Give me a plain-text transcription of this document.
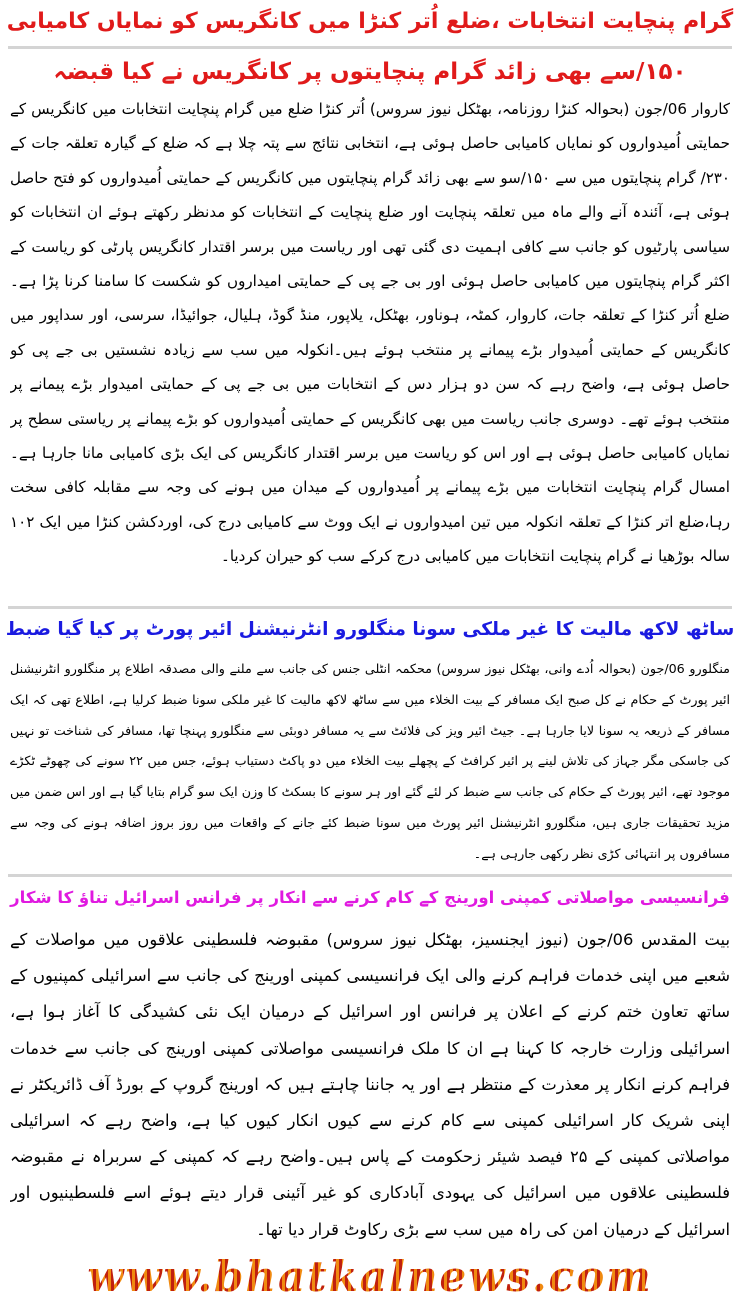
گرام پنچایت انتخابات ،ضلع اُتر کنڑا میں کانگریس کو نمایاں کامیابی
۱۵۰/سے بھی زائد گرام پنچایتوں پر کانگریس نے کیا قبضہ

کاروار 06/جون (بحوالہ کنڑا روزنامہ، بھٹکل نیوز سروس) اُتر کنڑا ضلع میں گرام پنچایت انتخابات میں کانگریس کے حمایتی اُمیدواروں کو نمایاں کامیابی حاصل ہوئی ہے، انتخابی نتائج سے پتہ چلا ہے کہ ضلع کے گیارہ تعلقہ جات کے ۲۳۰/ گرام پنچایتوں میں سے ۱۵۰/سو سے بھی زائد گرام پنچایتوں میں کانگریس کے حمایتی اُمیدواروں کو فتح حاصل ہوئی ہے، آئندہ آنے والے ماہ میں تعلقہ پنچایت اور ضلع پنچایت کے انتخابات کو مدنظر رکھتے ہوئے ان انتخابات کو سیاسی پارٹیوں کو جانب سے کافی اہمیت دی گئی تھی اور ریاست میں برسر اقتدار کانگریس پارٹی کو ریاست کے اکثر گرام پنچایتوں میں کامیابی حاصل ہوئی اور بی جے پی کے حمایتی امیداروں کو شکست کا سامنا کرنا پڑا ہے۔ضلع اُتر کنڑا کے تعلقہ جات، کاروار، کمٹہ، ہوناور، بھٹکل، یلاپور، منڈ گوڈ، ہلیال، جوائیڈا، سرسی، اور سداپور میں کانگریس کے حمایتی اُمیدوار بڑے پیمانے پر منتخب ہوئے ہیں۔انکولہ میں سب سے زیادہ نشستیں بی جے پی کو حاصل ہوئی ہے، واضح رہے کہ سن دو ہزار دس کے انتخابات میں بی جے پی کے حمایتی امیدوار بڑے پیمانے پر منتخب ہوئے تھے۔ دوسری جانب ریاست میں بھی کانگریس کے حمایتی اُمیدواروں کو بڑے پیمانے پر ریاستی سطح پر نمایاں کامیابی حاصل ہوئی ہے اور اس کو ریاست میں برسر اقتدار کانگریس کی ایک بڑی کامیابی مانا جارہا ہے۔امسال گرام پنچایت انتخابات میں بڑے پیمانے پر اُمیدواروں کے میدان میں ہونے کی وجہ سے مقابلہ کافی سخت رہا،ضلع اتر کنڑا کے تعلقہ انکولہ میں تین امیدواروں نے ایک ووٹ سے کامیابی درج کی، اوردکشن کنڑا میں ایک ۱۰۲ سالہ بوڑھیا نے گرام پنچایت انتخابات میں کامیابی درج کرکے سب کو حیران کردیا۔

ساٹھ لاکھ مالیت کا غیر ملکی سونا منگلورو انٹرنیشنل ائیر پورٹ پر کیا گیا ضبط

منگلورو 06/جون (بحوالہ اُدے وانی، بھٹکل نیوز سروس) محکمہ انٹلی جنس کی جانب سے ملنے والی مصدقہ اطلاع پر منگلورو انٹرنیشنل ائیر پورٹ کے حکام نے کل صبح ایک مسافر کے بیت الخلاء میں سے ساٹھ لاکھ مالیت کا غیر ملکی سونا ضبط کرلیا ہے، اطلاع تھی کہ ایک مسافر کے ذریعہ یہ سونا لایا جارہا ہے۔ جیٹ ائیر ویز کی فلائٹ سے یہ مسافر دوبئی سے منگلورو پہنچا تھا، مسافر کی شناخت تو نہیں کی جاسکی مگر جہاز کی تلاش لینے پر ائیر کرافٹ کے پچھلے بیت الخلاء میں دو پاکٹ دستیاب ہوئے، جس میں ۲۲ سونے کی چھوٹے ٹکڑے موجود تھے، ائیر پورٹ کے حکام کی جانب سے ضبط کر لئے گئے اور ہر سونے کا بسکٹ کا وزن ایک سو گرام بتایا گیا ہے اور اس ضمن میں مزید تحقیقات جاری ہیں، منگلورو انٹرنیشنل ائیر پورٹ میں سونا ضبط کئے جانے کے واقعات میں روز بروز اضافہ ہونے کی وجہ سے مسافروں پر انتہائی کڑی نظر رکھی جارہی ہے۔

فرانسیسی مواصلاتی کمپنی اورینج کے کام کرنے سے انکار پر فرانس اسرائیل تناؤ کا شکار

بیت المقدس 06/جون (نیوز ایجنسیز، بھٹکل نیوز سروس) مقبوضہ فلسطینی علاقوں میں مواصلات کے شعبے میں اپنی خدمات فراہم کرنے والی ایک فرانسیسی کمپنی اورینج کی جانب سے اسرائیلی کمپنیوں کے ساتھ تعاون ختم کرنے کے اعلان پر فرانس اور اسرائیل کے درمیان ایک نئی کشیدگی کا آغاز ہوا ہے، اسرائیلی وزارت خارجہ کا کہنا ہے ان کا ملک فرانسیسی مواصلاتی کمپنی اورینج کی جانب سے خدمات فراہم کرنے انکار پر معذرت کے منتظر ہے اور یہ جاننا چاہتے ہیں کہ اورینج گروپ کے بورڈ آف ڈائریکٹر نے اپنی شریک کار اسرائیلی کمپنی سے کام کرنے سے کیوں انکار کیوں کیا ہے، واضح رہے کہ اسرائیلی مواصلاتی کمپنی کے ۲۵ فیصد شیئر زحکومت کے پاس ہیں۔واضح رہے کہ کمپنی کے سربراہ نے مقبوضہ فلسطینی علاقوں میں اسرائیل کی یہودی آبادکاری کو غیر آئینی قرار دیتے ہوئے اسے فلسطینیوں اور اسرائیل کے درمیان امن کی راہ میں سب سے بڑی رکاوٹ قرار دیا تھا۔

www.bhatkalnews.com
